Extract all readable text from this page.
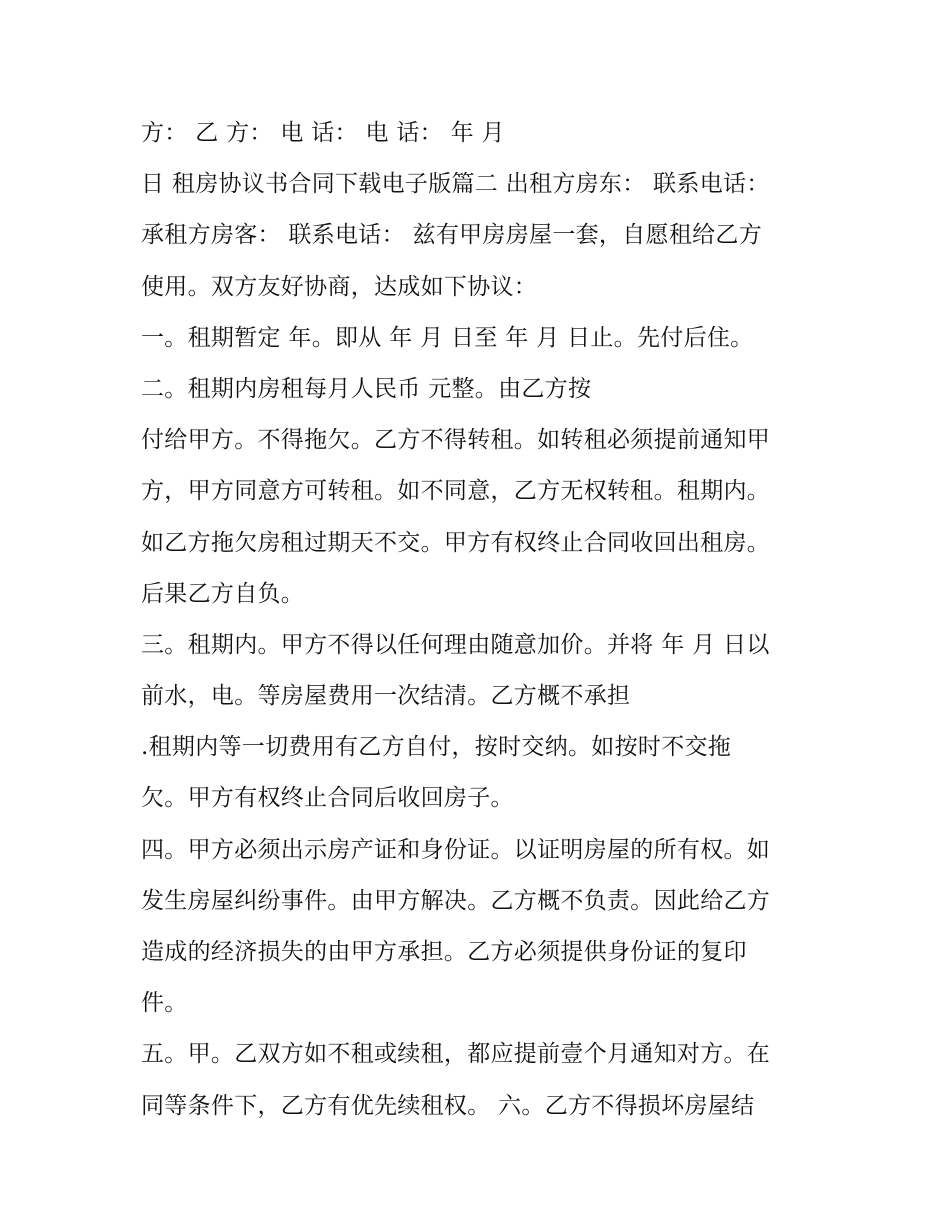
方： 乙 方： 电 话： 电 话： 年 月
日 租房协议书合同下载电子版篇二 出租方房东： 联系电话：
承租方房客： 联系电话： 兹有甲房房屋一套，自愿租给乙方
使用。双方友好协商，达成如下协议：
一。租期暂定 年。即从 年 月 日至 年 月 日止。先付后住。
二。租期内房租每月人民币 元整。由乙方按
付给甲方。不得拖欠。乙方不得转租。如转租必须提前通知甲
方，甲方同意方可转租。如不同意，乙方无权转租。租期内。
如乙方拖欠房租过期天不交。甲方有权终止合同收回出租房。
后果乙方自负。
三。租期内。甲方不得以任何理由随意加价。并将 年 月 日以
前水，电。等房屋费用一次结清。乙方概不承担
.租期内等一切费用有乙方自付，按时交纳。如按时不交拖
欠。甲方有权终止合同后收回房子。
四。甲方必须出示房产证和身份证。以证明房屋的所有权。如
发生房屋纠纷事件。由甲方解决。乙方概不负责。因此给乙方
造成的经济损失的由甲方承担。乙方必须提供身份证的复印
件。
五。甲。乙双方如不租或续租，都应提前壹个月通知对方。在
同等条件下，乙方有优先续租权。 六。乙方不得损坏房屋结
